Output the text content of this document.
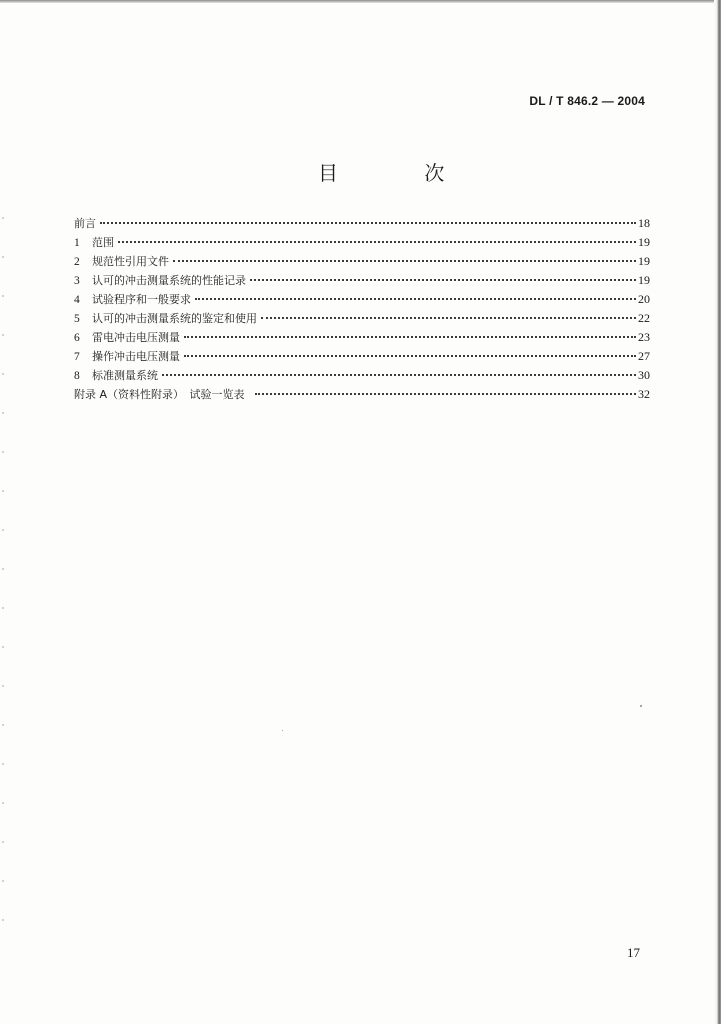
DL / T 846.2 — 2004
目 次
前言	18
1	范围	19
2	规范性引用文件	19
3	认可的冲击测量系统的性能记录	19
4	试验程序和一般要求	20
5	认可的冲击测量系统的鉴定和使用	22
6	雷电冲击电压测量	23
7	操作冲击电压测量	27
8	标准测量系统	30
附录 A（资料性附录）　试验一览表	32
17
